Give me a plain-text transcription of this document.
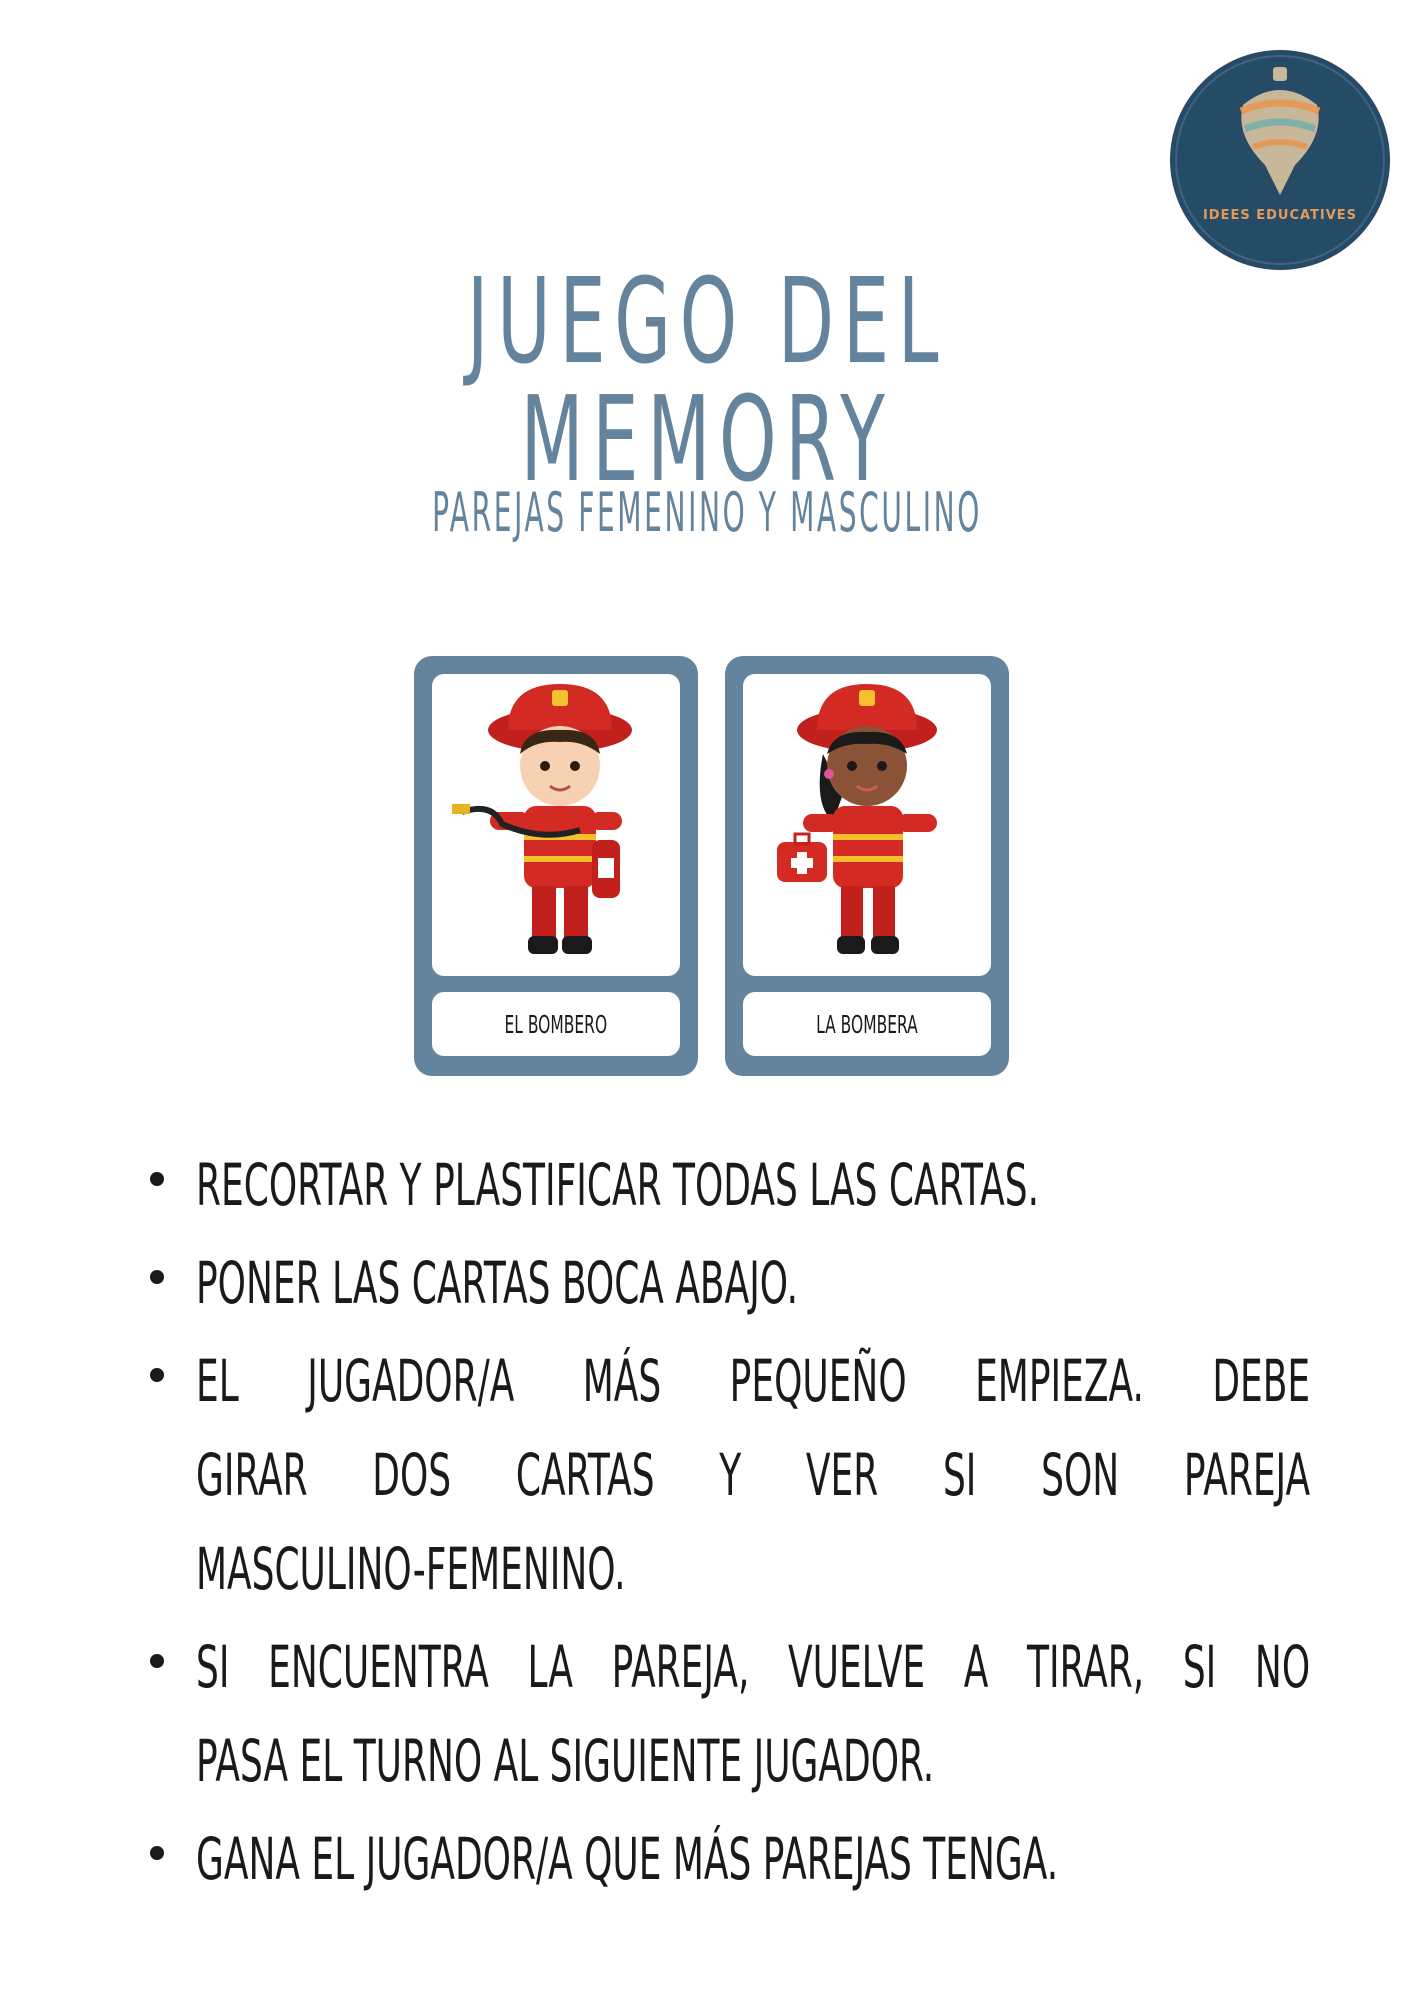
IDEES EDUCATIVES
JUEGO DEL MEMORY
PAREJAS FEMENINO Y MASCULINO
EL BOMBERO	LA BOMBERA
RECORTAR Y PLASTIFICAR TODAS LAS CARTAS.
PONER LAS CARTAS BOCA ABAJO.
EL JUGADOR/A MÁS PEQUEÑO EMPIEZA. DEBE
GIRAR DOS CARTAS Y VER SI SON PAREJA
MASCULINO-FEMENINO.
SI ENCUENTRA LA PAREJA, VUELVE A TIRAR, SI NO
PASA EL TURNO AL SIGUIENTE JUGADOR.
GANA EL JUGADOR/A QUE MÁS PAREJAS TENGA.
